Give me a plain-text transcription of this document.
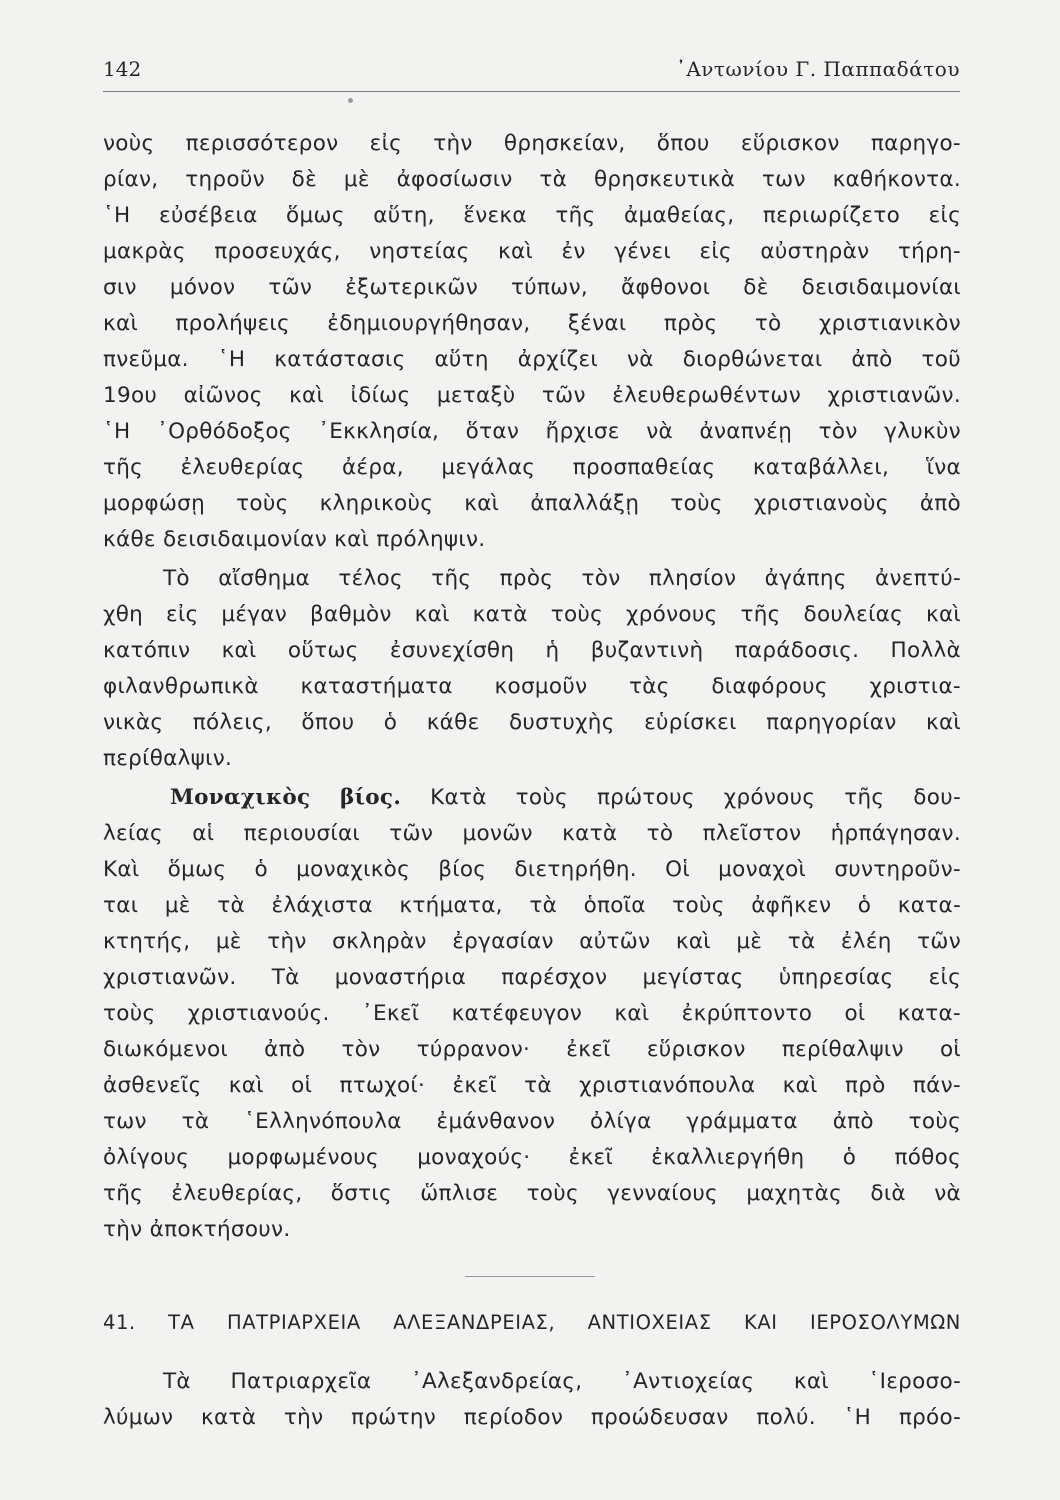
142	᾿Αντωνίου Γ. Παππαδάτου
νοὺς περισσότερον εἰς τὴν θρησκείαν, ὅπου εὕρισκον παρηγο-
ρίαν, τηροῦν δὲ μὲ ἀφοσίωσιν τὰ θρησκευτικὰ των καθήκοντα.
῾Η εὐσέβεια ὅμως αὕτη, ἕνεκα τῆς ἀμαθείας, περιωρίζετο εἰς
μακρὰς προσευχάς, νηστείας καὶ ἐν γένει εἰς αὐστηρὰν τήρη-
σιν μόνον τῶν ἐξωτερικῶν τύπων, ἄφθονοι δὲ δεισιδαιμονίαι
καὶ προλήψεις ἐδημιουργήθησαν, ξέναι πρὸς τὸ χριστιανικὸν
πνεῦμα. ῾Η κατάστασις αὕτη ἀρχίζει νὰ διορθώνεται ἀπὸ τοῦ
19ου αἰῶνος καὶ ἰδίως μεταξὺ τῶν ἐλευθερωθέντων χριστιανῶν.
῾Η ᾿Ορθόδοξος ᾿Εκκλησία, ὅταν ἤρχισε νὰ ἀναπνέῃ τὸν γλυκὺν
τῆς ἐλευθερίας ἀέρα, μεγάλας προσπαθείας καταβάλλει, ἵνα
μορφώσῃ τοὺς κληρικοὺς καὶ ἀπαλλάξῃ τοὺς χριστιανοὺς ἀπὸ
κάθε δεισιδαιμονίαν καὶ πρόληψιν.
Τὸ αἴσθημα τέλος τῆς πρὸς τὸν πλησίον ἀγάπης ἀνεπτύ-
χθη εἰς μέγαν βαθμὸν καὶ κατὰ τοὺς χρόνους τῆς δουλείας καὶ
κατόπιν καὶ οὕτως ἐσυνεχίσθη ἡ βυζαντινὴ παράδοσις. Πολλὰ
φιλανθρωπικὰ καταστήματα κοσμοῦν τὰς διαφόρους χριστια-
νικὰς πόλεις, ὅπου ὁ κάθε δυστυχὴς εὑρίσκει παρηγορίαν καὶ
περίθαλψιν.
Μοναχικὸς βίος. Κατὰ τοὺς πρώτους χρόνους τῆς δου-
λείας αἱ περιουσίαι τῶν μονῶν κατὰ τὸ πλεῖστον ἡρπάγησαν.
Καὶ ὅμως ὁ μοναχικὸς βίος διετηρήθη. Οἱ μοναχοὶ συντηροῦν-
ται μὲ τὰ ἐλάχιστα κτήματα, τὰ ὁποῖα τοὺς ἀφῆκεν ὁ κατα-
κτητής, μὲ τὴν σκληρὰν ἐργασίαν αὐτῶν καὶ μὲ τὰ ἐλέη τῶν
χριστιανῶν. Τὰ μοναστήρια παρέσχον μεγίστας ὑπηρεσίας εἰς
τοὺς χριστιανούς. ᾿Εκεῖ κατέφευγον καὶ ἐκρύπτοντο οἱ κατα-
διωκόμενοι ἀπὸ τὸν τύρρανον· ἐκεῖ εὕρισκον περίθαλψιν οἱ
ἀσθενεῖς καὶ οἱ πτωχοί· ἐκεῖ τὰ χριστιανόπουλα καὶ πρὸ πάν-
των τὰ ῾Ελληνόπουλα ἐμάνθανον ὀλίγα γράμματα ἀπὸ τοὺς
ὀλίγους μορφωμένους μοναχούς· ἐκεῖ ἐκαλλιεργήθη ὁ πόθος
τῆς ἐλευθερίας, ὅστις ὥπλισε τοὺς γενναίους μαχητὰς διὰ νὰ
τὴν ἀποκτήσουν.
41. ΤΑ ΠΑΤΡΙΑΡΧΕΙΑ ΑΛΕΞΑΝΔΡΕΙΑΣ, ΑΝΤΙΟΧΕΙΑΣ ΚΑΙ ΙΕΡΟΣΟΛΥΜΩΝ
Τὰ Πατριαρχεῖα ᾿Αλεξανδρείας, ᾿Αντιοχείας καὶ ῾Ιεροσο-
λύμων κατὰ τὴν πρώτην περίοδον προώδευσαν πολύ. ῾Η πρόο-
